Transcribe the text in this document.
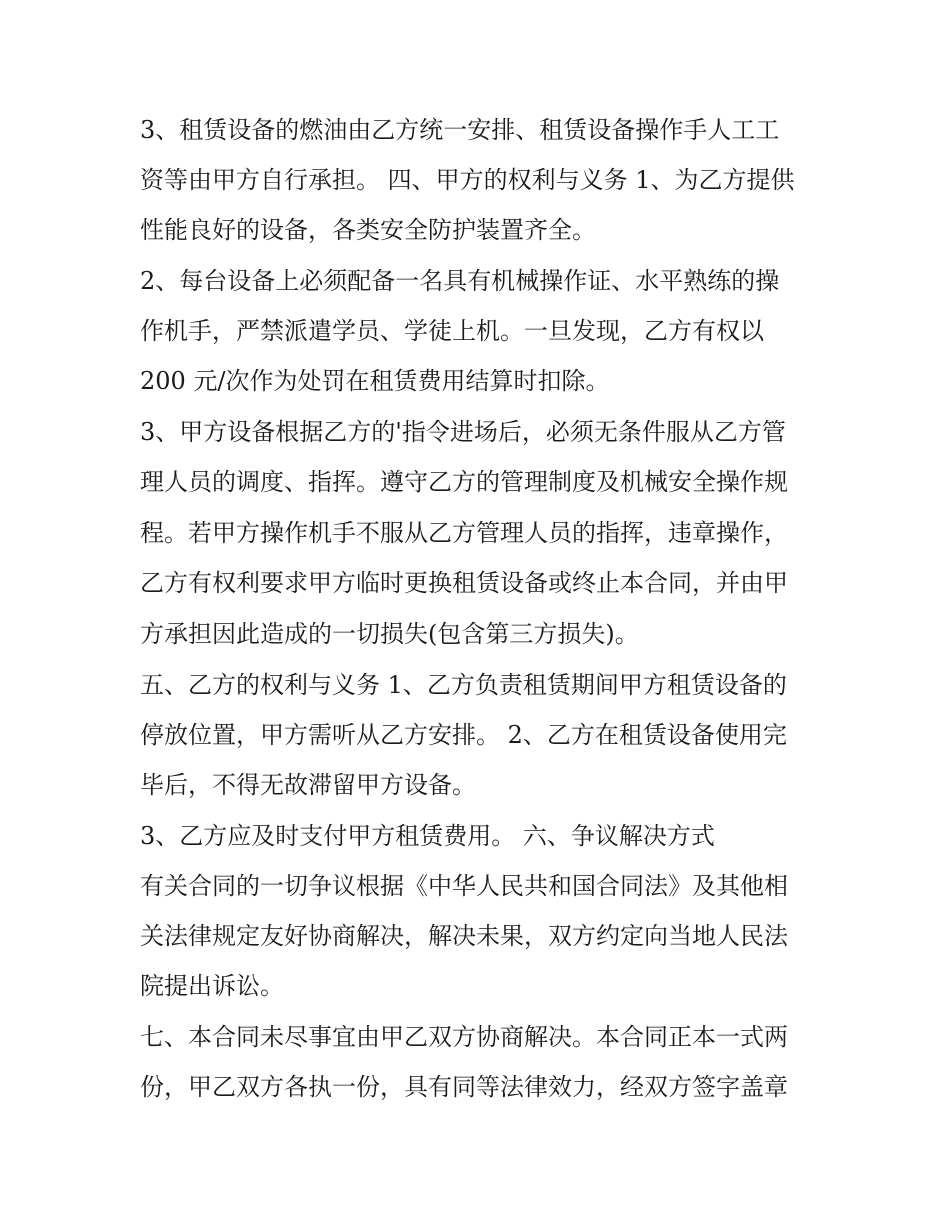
3、租赁设备的燃油由乙方统一安排、租赁设备操作手人工工
资等由甲方自行承担。 四、甲方的权利与义务 1、为乙方提供
性能良好的设备，各类安全防护装置齐全。
2、每台设备上必须配备一名具有机械操作证、水平熟练的操
作机手，严禁派遣学员、学徒上机。一旦发现，乙方有权以
200 元/次作为处罚在租赁费用结算时扣除。
3、甲方设备根据乙方的'指令进场后，必须无条件服从乙方管
理人员的调度、指挥。遵守乙方的管理制度及机械安全操作规
程。若甲方操作机手不服从乙方管理人员的指挥，违章操作，
乙方有权利要求甲方临时更换租赁设备或终止本合同，并由甲
方承担因此造成的一切损失(包含第三方损失)。
五、乙方的权利与义务 1、乙方负责租赁期间甲方租赁设备的
停放位置，甲方需听从乙方安排。 2、乙方在租赁设备使用完
毕后，不得无故滞留甲方设备。
3、乙方应及时支付甲方租赁费用。 六、争议解决方式
有关合同的一切争议根据《中华人民共和国合同法》及其他相
关法律规定友好协商解决，解决未果，双方约定向当地人民法
院提出诉讼。
七、本合同未尽事宜由甲乙双方协商解决。本合同正本一式两
份，甲乙双方各执一份，具有同等法律效力，经双方签字盖章
